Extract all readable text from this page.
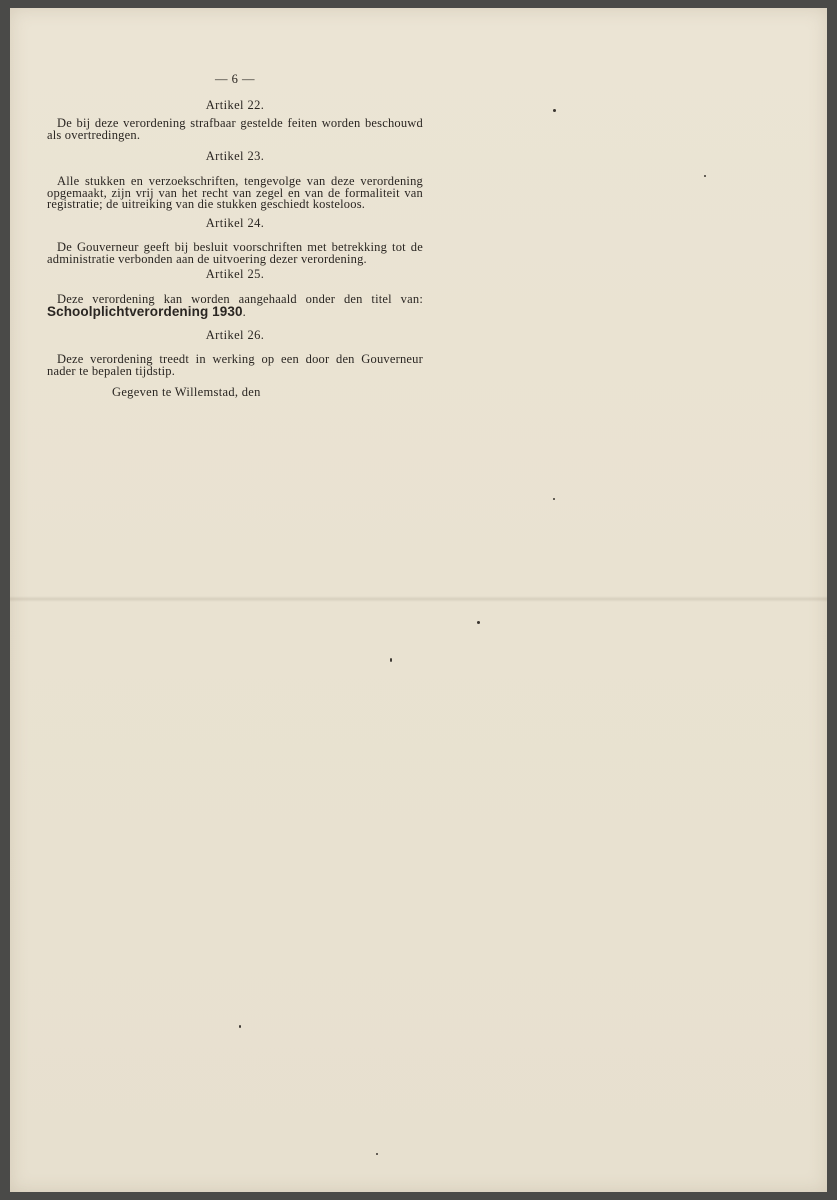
— 6 —
Artikel 22.
De bij deze verordening strafbaar gestelde feiten worden beschouwd als overtredingen.
Artikel 23.
Alle stukken en verzoekschriften, tengevolge van deze verordening opgemaakt, zijn vrij van het recht van zegel en van de formaliteit van registratie; de uitreiking van die stukken geschiedt kosteloos.
Artikel 24.
De Gouverneur geeft bij besluit voorschriften met betrekking tot de administratie verbonden aan de uitvoering dezer verordening.
Artikel 25.
Deze verordening kan worden aangehaald onder den titel van: Schoolplichtverordening 1930.
Artikel 26.
Deze verordening treedt in werking op een door den Gouverneur nader te bepalen tijdstip.
Gegeven te Willemstad, den
